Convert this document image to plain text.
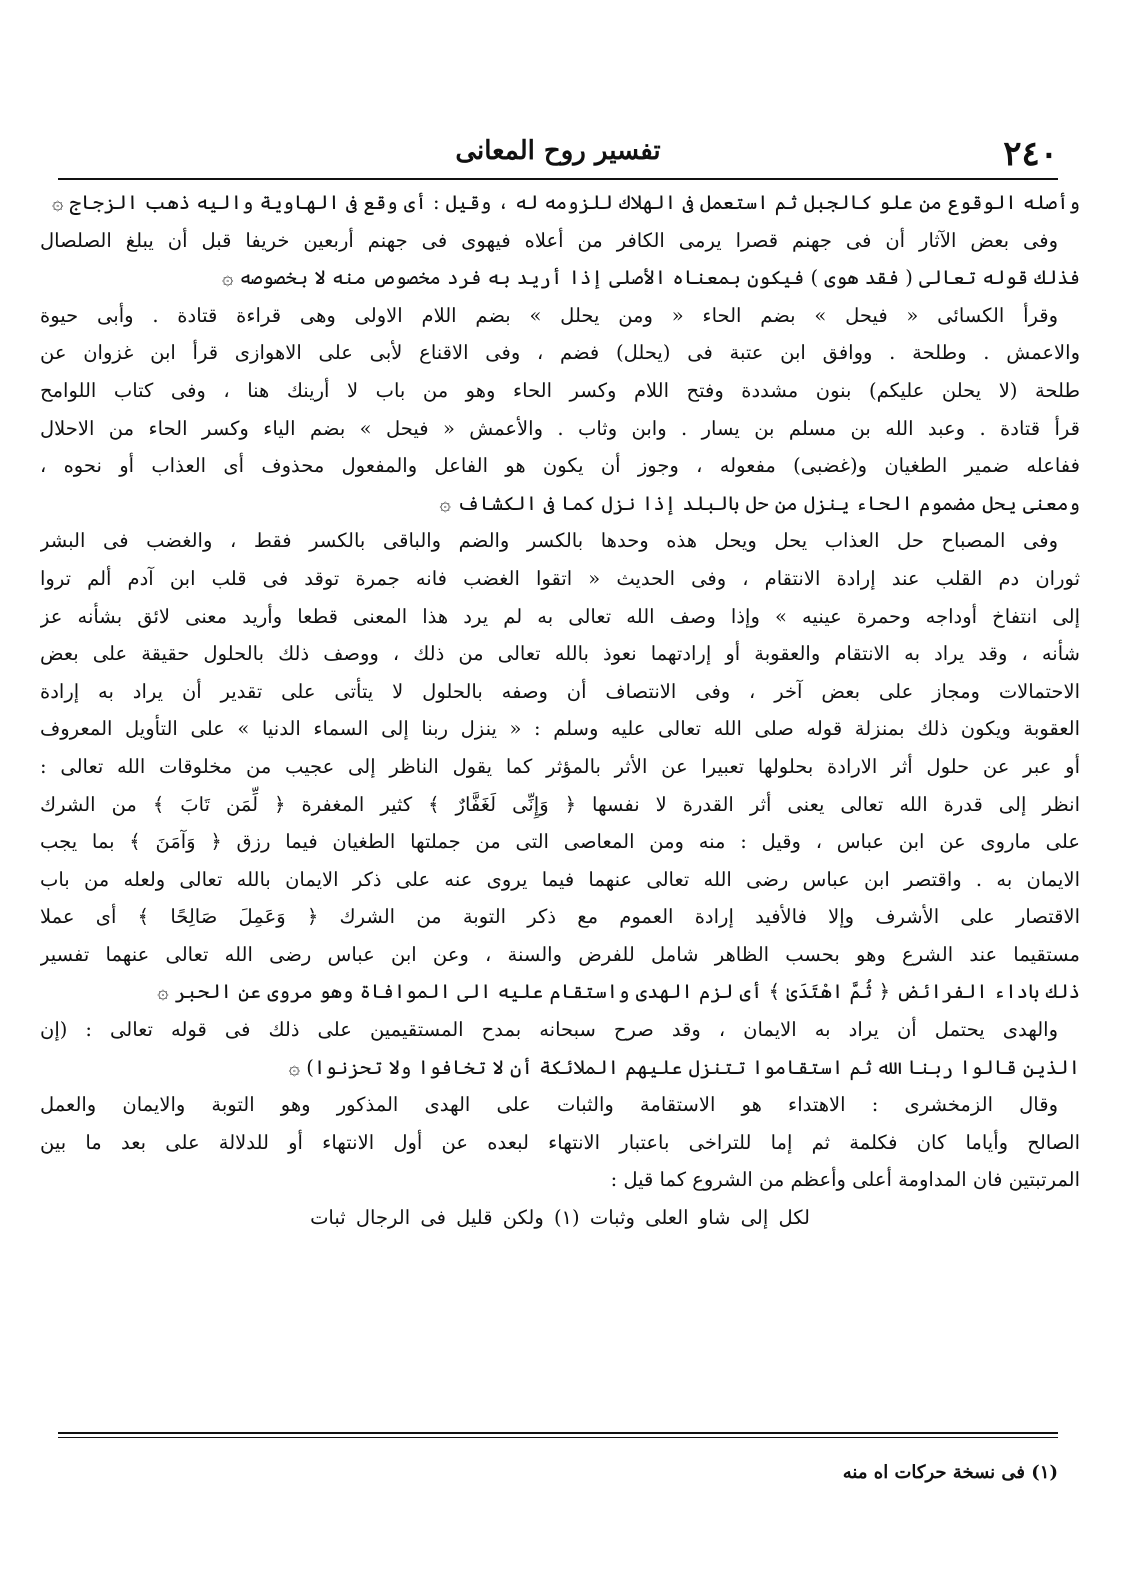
٢٤٠
تفسير روح المعانى
وأصله الوقوع من علو كالجبل ثم استعمل فى الهلاك للزومه له ، وقيل : أى وقع فى الهاوية واليه ذهب الزجاج ۞
وفى بعض الآثار أن فى جهنم قصرا يرمى الكافر من أعلاه فيهوى فى جهنم أربعين خريفا قبل أن يبلغ الصلصال
فذلك قوله تعالى ( فقد هوى ) فيكون بمعناه الأصلى إذا أريد به فرد مخصوص منه لا بخصوصه ۞
وقرأ الكسائى « فيحل » بضم الحاء « ومن يحلل » بضم اللام الاولى وهى قراءة قتادة . وأبى حيوة
والاعمش . وطلحة . ووافق ابن عتبة فى (يحلل) فضم ، وفى الاقناع لأبى على الاهوازى قرأ ابن غزوان عن
طلحة (لا يحلن عليكم) بنون مشددة وفتح اللام وكسر الحاء وهو من باب لا أرينك هنا ، وفى كتاب اللوامح
قرأ قتادة . وعبد الله بن مسلم بن يسار . وابن وثاب . والأعمش « فيحل » بضم الياء وكسر الحاء من الاحلال
ففاعله ضمير الطغيان و(غضبى) مفعوله ، وجوز أن يكون هو الفاعل والمفعول محذوف أى العذاب أو نحوه ،
ومعنى يحل مضموم الحاء ينزل من حل بالبلد إذا نزل كما فى الكشاف ۞
وفى المصباح حل العذاب يحل ويحل هذه وحدها بالكسر والضم والباقى بالكسر فقط ، والغضب فى البشر
ثوران دم القلب عند إرادة الانتقام ، وفى الحديث « اتقوا الغضب فانه جمرة توقد فى قلب ابن آدم ألم تروا
إلى انتفاخ أوداجه وحمرة عينيه » وإذا وصف الله تعالى به لم يرد هذا المعنى قطعا وأريد معنى لائق بشأنه عز
شأنه ، وقد يراد به الانتقام والعقوبة أو إرادتهما نعوذ بالله تعالى من ذلك ، ووصف ذلك بالحلول حقيقة على بعض
الاحتمالات ومجاز على بعض آخر ، وفى الانتصاف أن وصفه بالحلول لا يتأتى على تقدير أن يراد به إرادة
العقوبة ويكون ذلك بمنزلة قوله صلى الله تعالى عليه وسلم : « ينزل ربنا إلى السماء الدنيا » على التأويل المعروف
أو عبر عن حلول أثر الارادة بحلولها تعبيرا عن الأثر بالمؤثر كما يقول الناظر إلى عجيب من مخلوقات الله تعالى :
انظر إلى قدرة الله تعالى يعنى أثر القدرة لا نفسها ﴿ وَإِنِّى لَغَفَّارٌ ﴾ كثير المغفرة ﴿ لِّمَن تَابَ ﴾ من الشرك
على ماروى عن ابن عباس ، وقيل : منه ومن المعاصى التى من جملتها الطغيان فيما رزق ﴿ وَآمَنَ ﴾ بما يجب
الايمان به . واقتصر ابن عباس رضى الله تعالى عنهما فيما يروى عنه على ذكر الايمان بالله تعالى ولعله من باب
الاقتصار على الأشرف وإلا فالأفيد إرادة العموم مع ذكر التوبة من الشرك ﴿ وَعَمِلَ صَالِحًا ﴾ أى عملا
مستقيما عند الشرع وهو بحسب الظاهر شامل للفرض والسنة ، وعن ابن عباس رضى الله تعالى عنهما تفسير
ذلك باداء الفرائض ﴿ ثُمَّ اهْتَدَىٰ ﴾ أى لزم الهدى واستقام عليه الى الموافاة وهو مروى عن الحبر ۞
والهدى يحتمل أن يراد به الايمان ، وقد صرح سبحانه بمدح المستقيمين على ذلك فى قوله تعالى : (إن
الذين قالوا ربنا الله ثم استقاموا تتنزل عليهم الملائكة أن لا تخافوا ولا تحزنوا) ۞
وقال الزمخشرى : الاهتداء هو الاستقامة والثبات على الهدى المذكور وهو التوبة والايمان والعمل
الصالح وأياما كان فكلمة ثم إما للتراخى باعتبار الانتهاء لبعده عن أول الانتهاء أو للدلالة على بعد ما بين
المرتبتين فان المداومة أعلى وأعظم من الشروع كما قيل :
لكل إلى شاو العلى وثبات (١) ولكن قليل فى الرجال ثبات
(١) فى نسخة حركات اه منه
